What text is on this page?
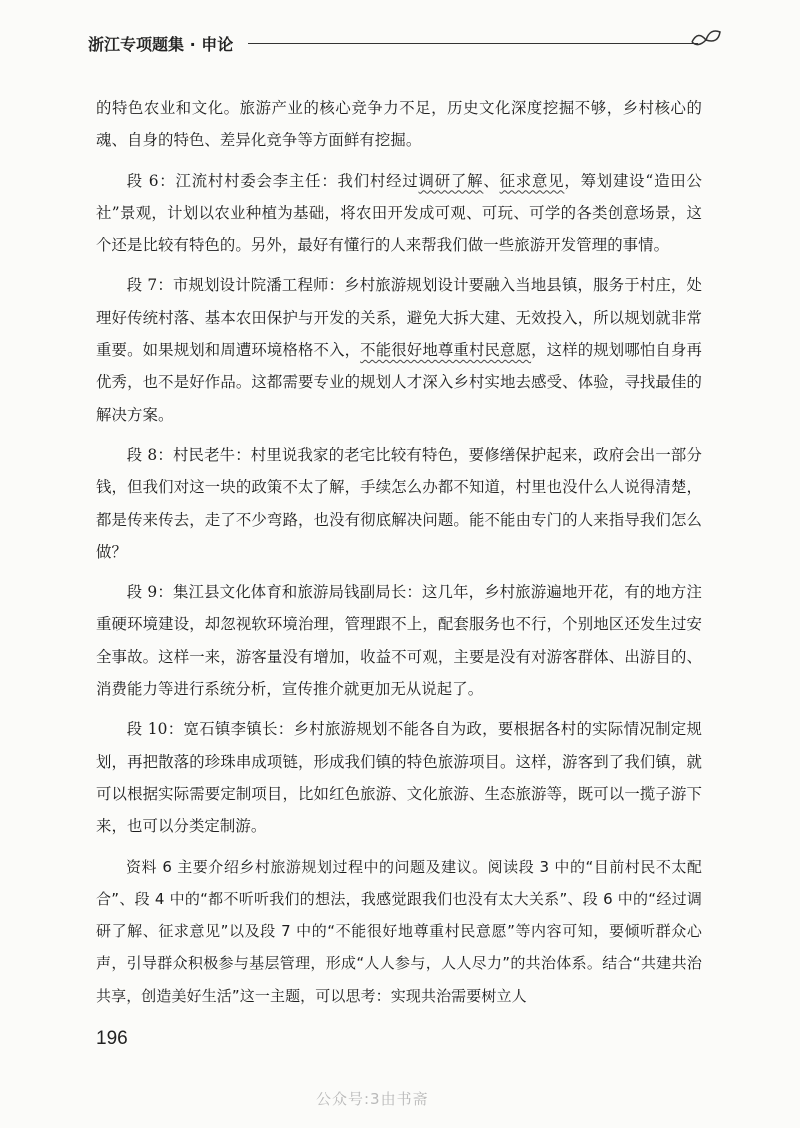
浙江专项题集 · 申论

的特色农业和文化。旅游产业的核心竞争力不足，历史文化深度挖掘不够，乡村核心的魂、自身的特色、差异化竞争等方面鲜有挖掘。

段 6：江流村村委会李主任：我们村经过调研了解、征求意见，筹划建设“造田公社”景观，计划以农业种植为基础，将农田开发成可观、可玩、可学的各类创意场景，这个还是比较有特色的。另外，最好有懂行的人来帮我们做一些旅游开发管理的事情。

段 7：市规划设计院潘工程师：乡村旅游规划设计要融入当地县镇，服务于村庄，处理好传统村落、基本农田保护与开发的关系，避免大拆大建、无效投入，所以规划就非常重要。如果规划和周遭环境格格不入，不能很好地尊重村民意愿，这样的规划哪怕自身再优秀，也不是好作品。这都需要专业的规划人才深入乡村实地去感受、体验，寻找最佳的解决方案。

段 8：村民老牛：村里说我家的老宅比较有特色，要修缮保护起来，政府会出一部分钱，但我们对这一块的政策不太了解，手续怎么办都不知道，村里也没什么人说得清楚，都是传来传去，走了不少弯路，也没有彻底解决问题。能不能由专门的人来指导我们怎么做？

段 9：集江县文化体育和旅游局钱副局长：这几年，乡村旅游遍地开花，有的地方注重硬环境建设，却忽视软环境治理，管理跟不上，配套服务也不行，个别地区还发生过安全事故。这样一来，游客量没有增加，收益不可观，主要是没有对游客群体、出游目的、消费能力等进行系统分析，宣传推介就更加无从说起了。

段 10：宽石镇李镇长：乡村旅游规划不能各自为政，要根据各村的实际情况制定规划，再把散落的珍珠串成项链，形成我们镇的特色旅游项目。这样，游客到了我们镇，就可以根据实际需要定制项目，比如红色旅游、文化旅游、生态旅游等，既可以一揽子游下来，也可以分类定制游。

资料 6 主要介绍乡村旅游规划过程中的问题及建议。阅读段 3 中的“目前村民不太配合”、段 4 中的“都不听听我们的想法，我感觉跟我们也没有太大关系”、段 6 中的“经过调研了解、征求意见”以及段 7 中的“不能很好地尊重村民意愿”等内容可知，要倾听群众心声，引导群众积极参与基层管理，形成“人人参与，人人尽力”的共治体系。结合“共建共治共享，创造美好生活”这一主题，可以思考：实现共治需要树立人

196
公众号:3由书斋
